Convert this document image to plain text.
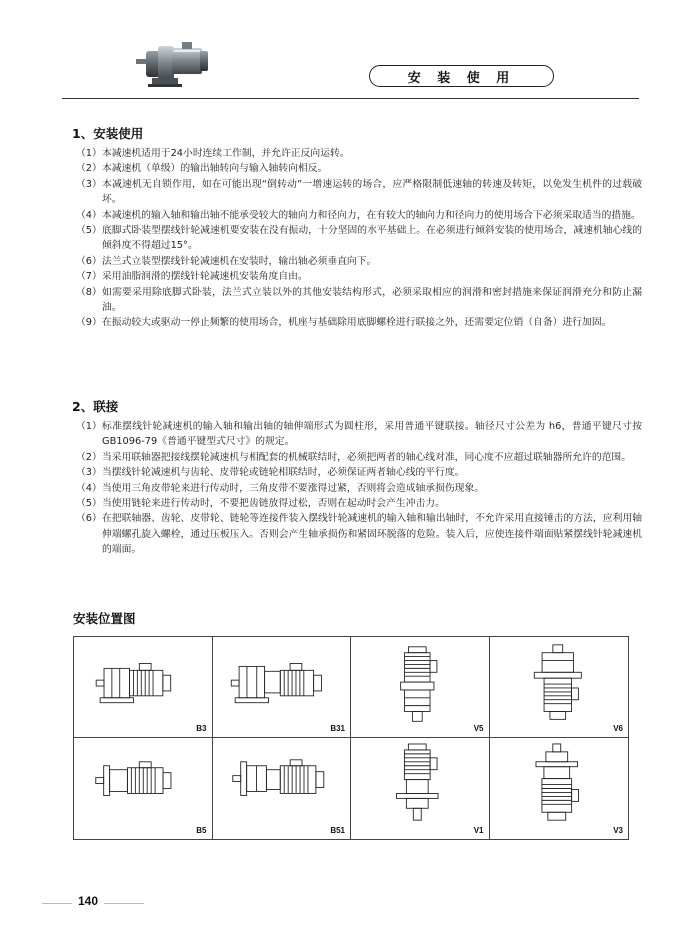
安 装 使 用
1、安装使用
（1） 本减速机适用于24小时连续工作制，并允许正反向运转。
（2） 本减速机（单级）的输出轴转向与输入轴转向相反。
（3） 本减速机无自锁作用，如在可能出现“倒转动”一增速运转的场合，应严格限制低速轴的转速及转矩，以免发生机件的过载破坏。
（4） 本减速机的输入轴和输出轴不能承受较大的轴向力和径向力，在有较大的轴向力和径向力的使用场合下必须采取适当的措施。
（5） 底脚式卧装型摆线针轮减速机要安装在没有振动，十分坚固的水平基础上。在必须进行倾斜安装的使用场合，减速机轴心线的倾斜度不得超过15°。
（6） 法兰式立装型摆线针轮减速机在安装时，输出轴必须垂直向下。
（7） 采用油脂润滑的摆线针轮减速机安装角度自由。
（8） 如需要采用除底脚式卧装，法兰式立装以外的其他安装结构形式，必须采取相应的润滑和密封措施来保证润滑充分和防止漏油。
（9） 在振动较大或驱动一停止频繁的使用场合，机座与基础除用底脚螺栓进行联接之外，还需要定位销（自备）进行加固。
2、联接
（1） 标准摆线针轮减速机的输入轴和输出轴的轴伸端形式为圆柱形，采用普通平键联接。轴径尺寸公差为 h6，普通平键尺寸按GB1096-79《普通平键型式尺寸》的规定。
（2） 当采用联轴器把接线摆轮减速机与相配套的机械联结时，必须把两者的轴心线对准，同心度不应超过联轴器所允许的范围。
（3） 当摆线针轮减速机与齿轮、皮带轮或链轮相联结时，必须保证两者轴心线的平行度。
（4） 当使用三角皮带轮来进行传动时，三角皮带不要涨得过紧，否则将会造成轴承损伤现象。
（5） 当使用链轮来进行传动时，不要把齿链放得过松，否则在起动时会产生冲击力。
（6） 在把联轴器、齿轮、皮带轮、链轮等连接件装入摆线针轮减速机的输入轴和输出轴时，不允许采用直接锤击的方法，应利用轴伸端螺孔旋入螺栓，通过压板压入。否则会产生轴承损伤和紧固环脱落的危险。装入后，应使连接件端面贴紧摆线针轮减速机的端面。
安装位置图
B3	B31	V5	V6
B5	B51	V1	V3
140
